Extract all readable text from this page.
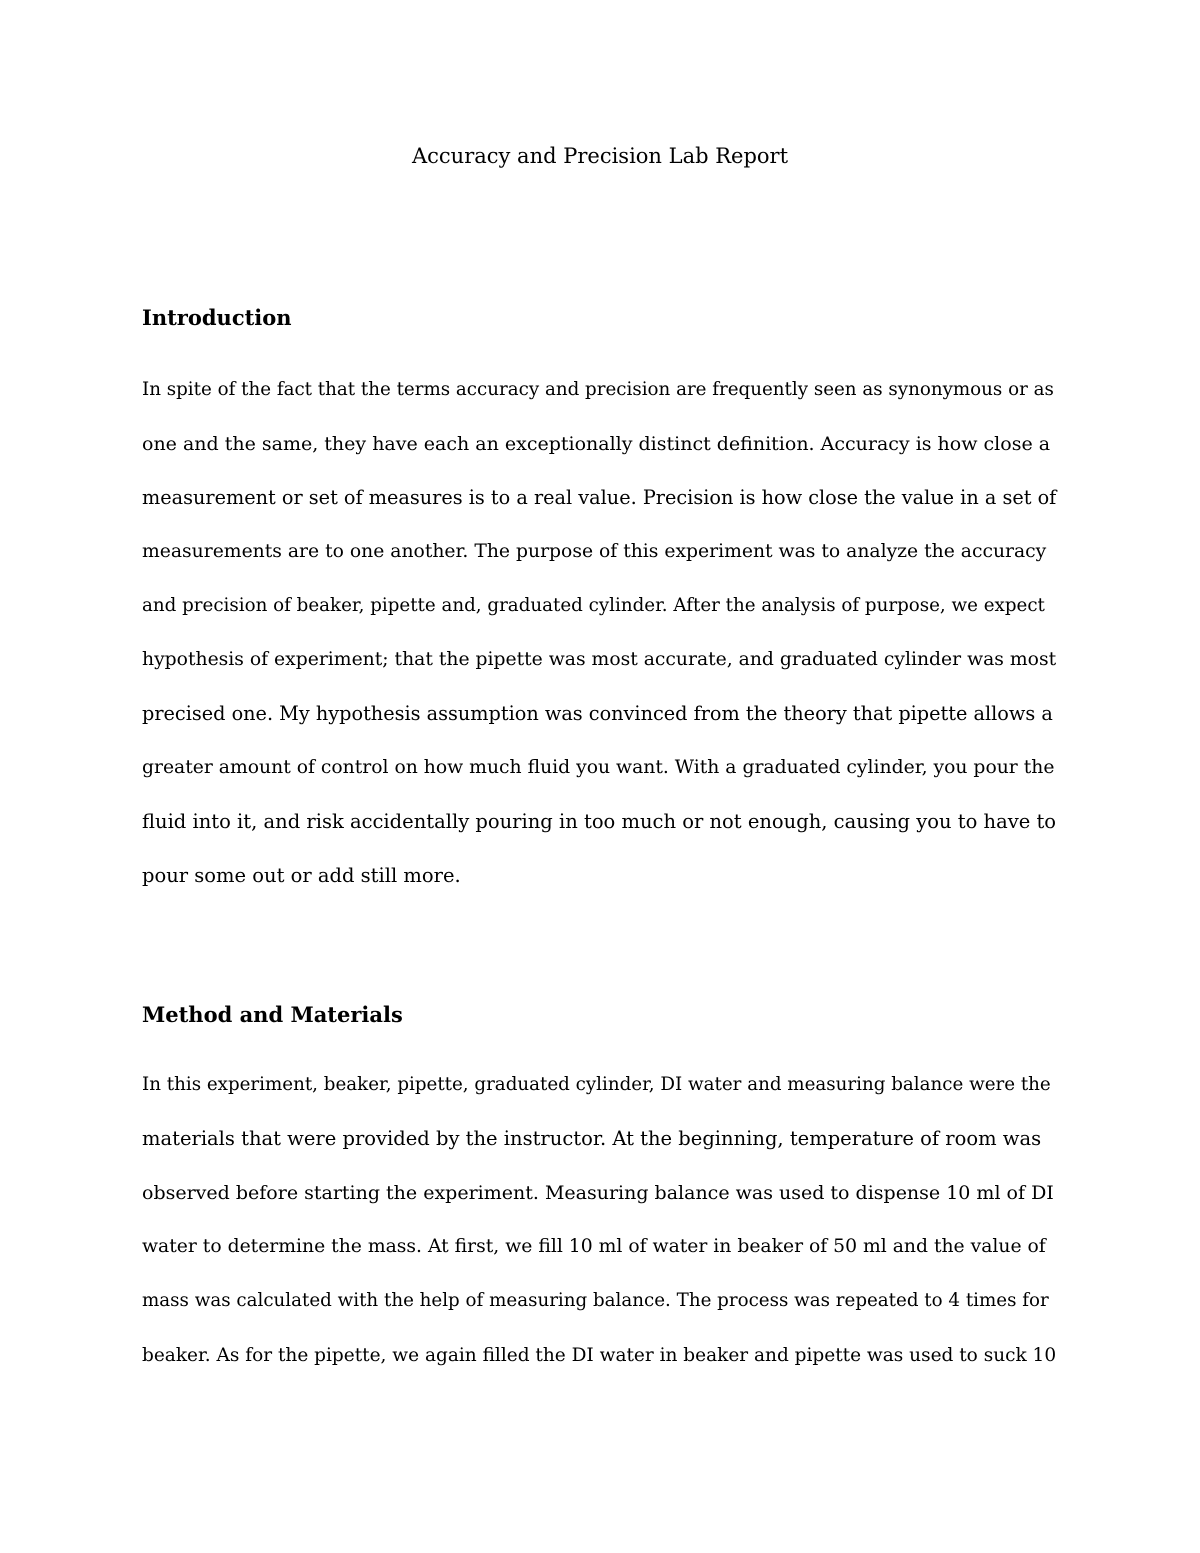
Accuracy and Precision Lab Report
Introduction

In spite of the fact that the terms accuracy and precision are frequently seen as synonymous or as

one and the same, they have each an exceptionally distinct definition. Accuracy is how close a

measurement or set of measures is to a real value. Precision is how close the value in a set of

measurements are to one another. The purpose of this experiment was to analyze the accuracy

and precision of beaker, pipette and, graduated cylinder. After the analysis of purpose, we expect

hypothesis of experiment; that the pipette was most accurate, and graduated cylinder was most

precised one. My hypothesis assumption was convinced from the theory that pipette allows a

greater amount of control on how much fluid you want. With a graduated cylinder, you pour the

fluid into it, and risk accidentally pouring in too much or not enough, causing you to have to

pour some out or add still more.

Method and Materials

In this experiment, beaker, pipette, graduated cylinder, DI water and measuring balance were the

materials that were provided by the instructor. At the beginning, temperature of room was

observed before starting the experiment. Measuring balance was used to dispense 10 ml of DI

water to determine the mass. At first, we fill 10 ml of water in beaker of 50 ml and the value of

mass was calculated with the help of measuring balance. The process was repeated to 4 times for

beaker. As for the pipette, we again filled the DI water in beaker and pipette was used to suck 10
